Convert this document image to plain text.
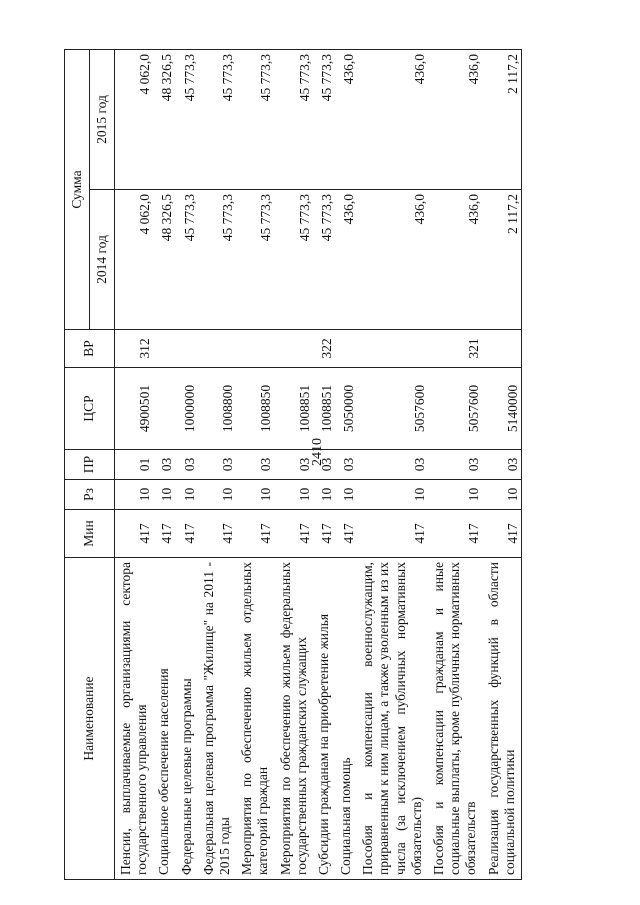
2410
Наименование	Мин	Рз	ПР	ЦСР	ВР	Сумма	
						2014 год	2015 год
Пенсии, выплачиваемые организациями сектора государственного управления	417	10	01	4900501	312	4 062,0	4 062,0
Социальное обеспечение населения	417	10	03			48 326,5	48 326,5
Федеральные целевые программы	417	10	03	1000000		45 773,3	45 773,3
Федеральная целевая программа "Жилище" на 2011 - 2015 годы	417	10	03	1008800		45 773,3	45 773,3
Мероприятия по обеспечению жильем отдельных категорий граждан	417	10	03	1008850		45 773,3	45 773,3
Мероприятия по обеспечению жильем федеральных государственных гражданских служащих	417	10	03	1008851		45 773,3	45 773,3
Субсидии гражданам на приобретение жилья	417	10	03	1008851	322	45 773,3	45 773,3
Социальная помощь	417	10	03	5050000		436,0	436,0
Пособия и компенсации военнослужащим, приравненным к ним лицам, а также уволенным из их числа (за исключением публичных нормативных обязательств)	417	10	03	5057600		436,0	436,0
Пособия и компенсации гражданам и иные социальные выплаты, кроме публичных нормативных обязательств	417	10	03	5057600	321	436,0	436,0
Реализация государственных функций в области социальной политики	417	10	03	5140000		2 117,2	2 117,2
